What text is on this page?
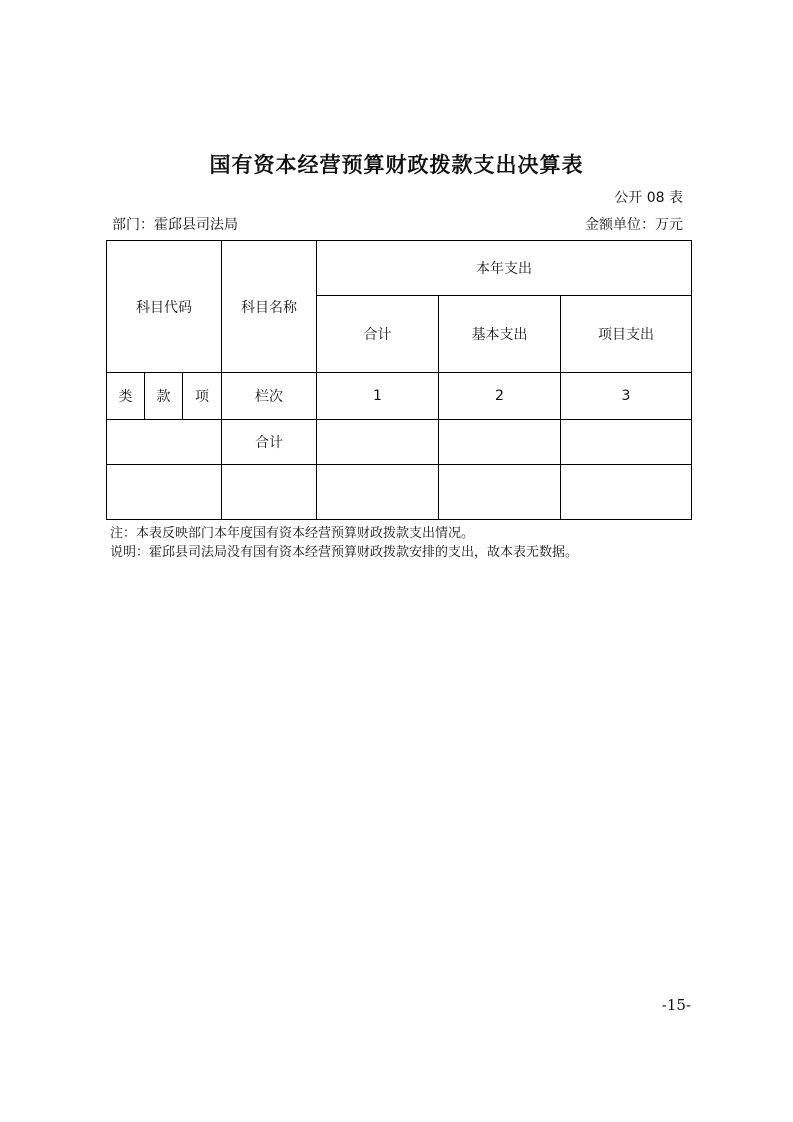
国有资本经营预算财政拨款支出决算表
公开 08 表
部门：霍邱县司法局	金额单位：万元
科目代码			科目名称	本年支出		
				合计	基本支出	项目支出
类	款	项	栏次	1	2	3
			合计			

注：本表反映部门本年度国有资本经营预算财政拨款支出情况。
说明：霍邱县司法局没有国有资本经营预算财政拨款安排的支出，故本表无数据。
-15-
